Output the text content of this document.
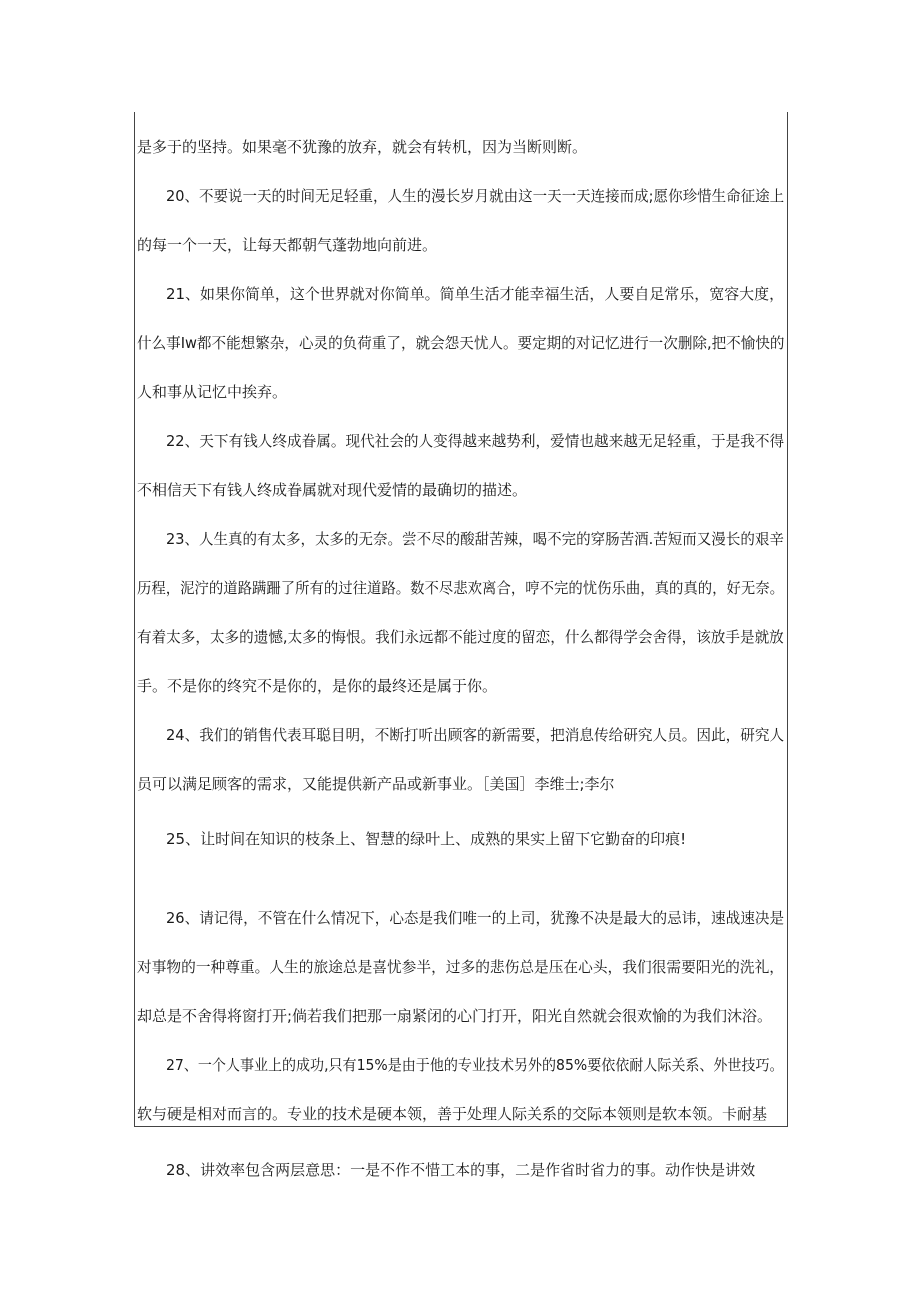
是多于的坚持。如果毫不犹豫的放弃，就会有转机，因为当断则断。
20、不要说一天的时间无足轻重，人生的漫长岁月就由这一天一天连接而成;愿你珍惜生命征途上
的每一个一天，让每天都朝气蓬勃地向前进。
21、如果你简单，这个世界就对你简单。简单生活才能幸福生活，人要自足常乐，宽容大度，
什么事Iw都不能想繁杂，心灵的负荷重了，就会怨天忧人。要定期的对记忆进行一次删除,把不愉快的
人和事从记忆中挨弃。
22、天下有钱人终成眷属。现代社会的人变得越来越势利，爱情也越来越无足轻重，于是我不得
不相信天下有钱人终成眷属就对现代爱情的最确切的描述。
23、人生真的有太多，太多的无奈。尝不尽的酸甜苦辣，喝不完的穿肠苦酒.苦短而又漫长的艰辛
历程，泥泞的道路蹒跚了所有的过往道路。数不尽悲欢离合，哼不完的忧伤乐曲，真的真的，好无奈。
有着太多，太多的遗憾,太多的悔恨。我们永远都不能过度的留恋，什么都得学会舍得，该放手是就放
手。不是你的终究不是你的，是你的最终还是属于你。
24、我们的销售代表耳聪目明，不断打听出顾客的新需要，把消息传给研究人员。因此，研究人
员可以满足顾客的需求，又能提供新产品或新事业。［美国］李维士;李尔
25、让时间在知识的枝条上、智慧的绿叶上、成熟的果实上留下它勤奋的印痕!
26、请记得，不管在什么情况下，心态是我们唯一的上司，犹豫不决是最大的忌讳，速战速决是
对事物的一种尊重。人生的旅途总是喜忧参半，过多的悲伤总是压在心头，我们很需要阳光的洗礼，
却总是不舍得将窗打开;倘若我们把那一扇紧闭的心门打开，阳光自然就会很欢愉的为我们沐浴。
27、一个人事业上的成功,只有15%是由于他的专业技术另外的85%要依依耐人际关系、外世技巧。
软与硬是相对而言的。专业的技术是硬本领，善于处理人际关系的交际本领则是软本领。卡耐基
28、讲效率包含两层意思：一是不作不惜工本的事，二是作省时省力的事。动作快是讲效
